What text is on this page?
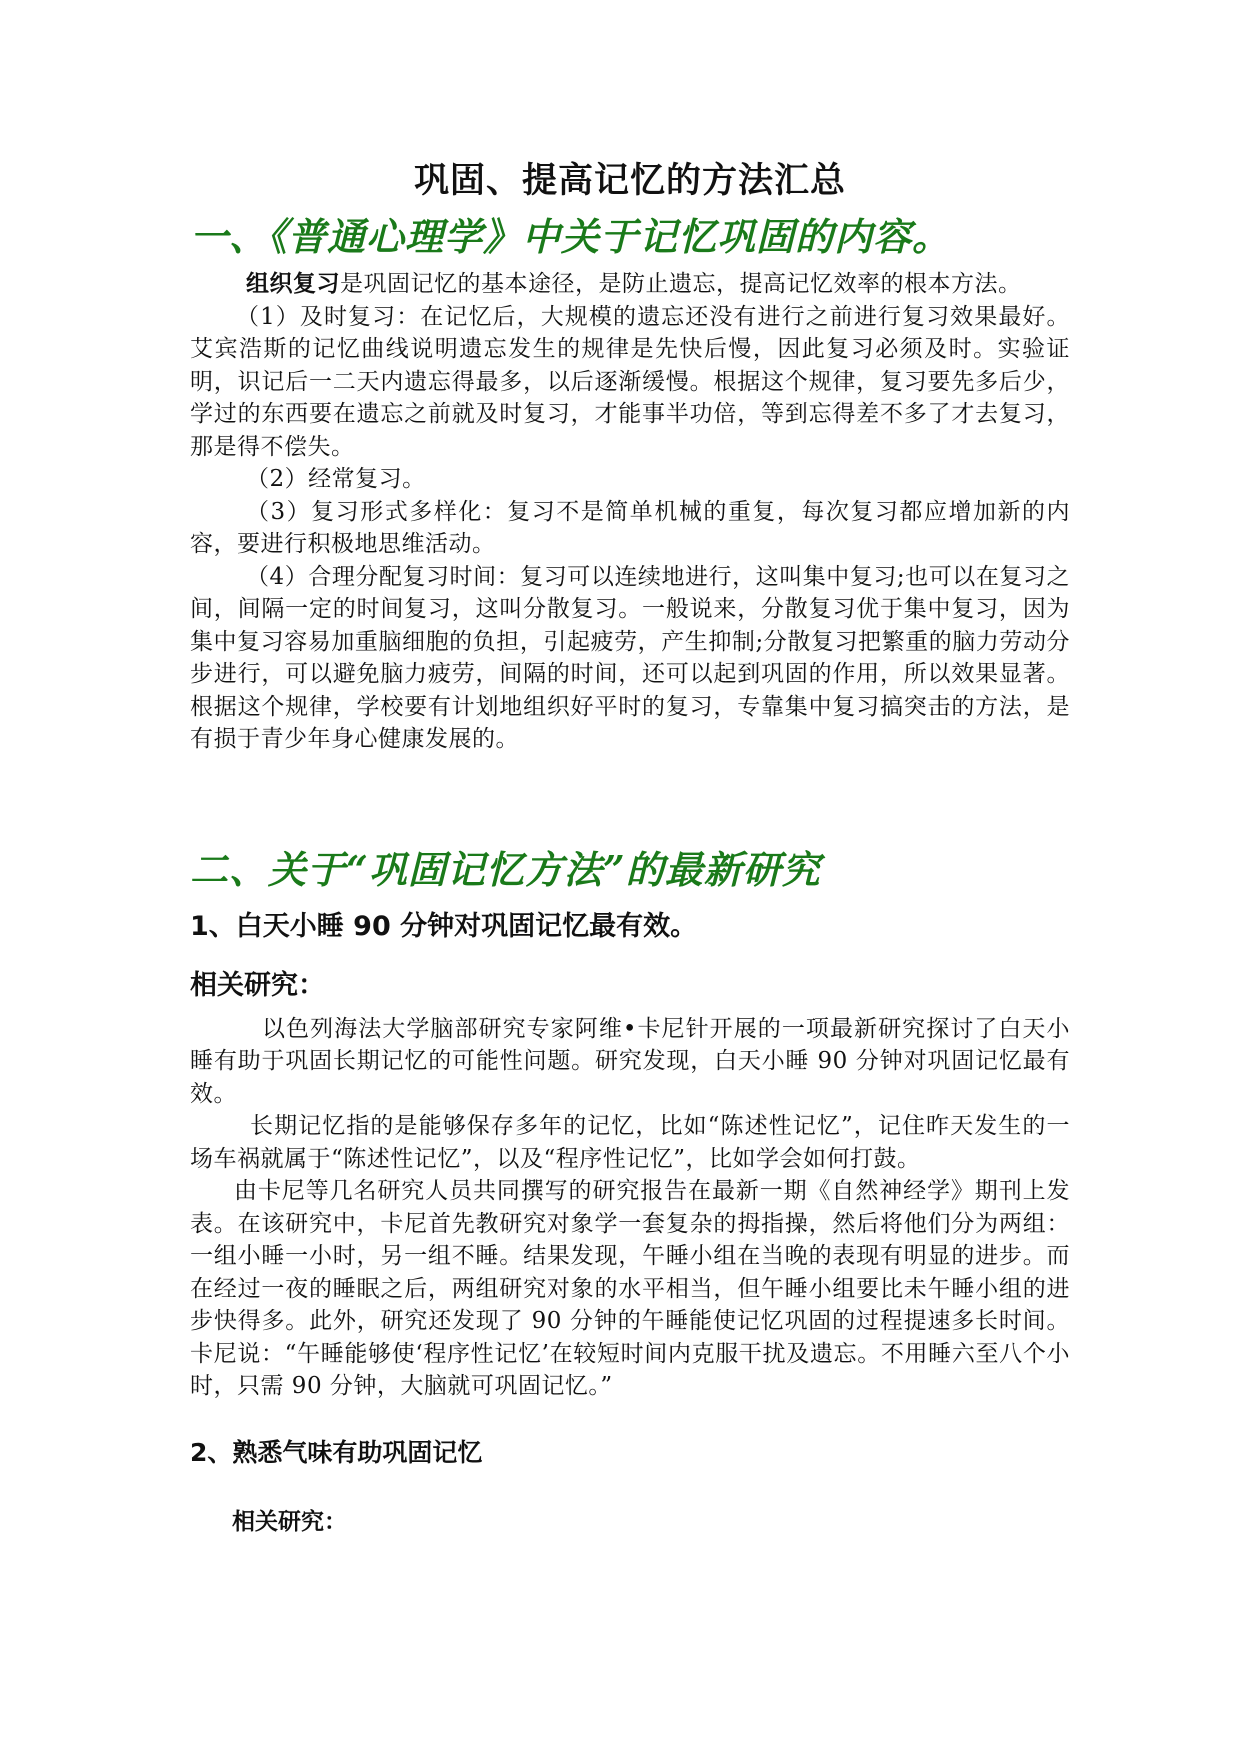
巩固、提高记忆的方法汇总
一、《普通心理学》中关于记忆巩固的内容。

组织复习是巩固记忆的基本途径，是防止遗忘，提高记忆效率的根本方法。

（1）及时复习：在记忆后，大规模的遗忘还没有进行之前进行复习效果最好。艾宾浩斯的记忆曲线说明遗忘发生的规律是先快后慢，因此复习必须及时。实验证明，识记后一二天内遗忘得最多，以后逐渐缓慢。根据这个规律，复习要先多后少，学过的东西要在遗忘之前就及时复习，才能事半功倍，等到忘得差不多了才去复习，那是得不偿失。

（2）经常复习。

（3）复习形式多样化：复习不是简单机械的重复，每次复习都应增加新的内容，要进行积极地思维活动。

（4）合理分配复习时间：复习可以连续地进行，这叫集中复习;也可以在复习之间，间隔一定的时间复习，这叫分散复习。一般说来，分散复习优于集中复习，因为集中复习容易加重脑细胞的负担，引起疲劳，产生抑制;分散复习把繁重的脑力劳动分步进行，可以避免脑力疲劳，间隔的时间，还可以起到巩固的作用，所以效果显著。根据这个规律，学校要有计划地组织好平时的复习，专靠集中复习搞突击的方法，是有损于青少年身心健康发展的。

二、关于“巩固记忆方法”的最新研究
1、白天小睡 90 分钟对巩固记忆最有效。
相关研究：

以色列海法大学脑部研究专家阿维•卡尼针开展的一项最新研究探讨了白天小睡有助于巩固长期记忆的可能性问题。研究发现，白天小睡 90 分钟对巩固记忆最有效。

长期记忆指的是能够保存多年的记忆，比如“陈述性记忆”，记住昨天发生的一场车祸就属于“陈述性记忆”，以及“程序性记忆”，比如学会如何打鼓。

由卡尼等几名研究人员共同撰写的研究报告在最新一期《自然神经学》期刊上发表。在该研究中，卡尼首先教研究对象学一套复杂的拇指操，然后将他们分为两组：一组小睡一小时，另一组不睡。结果发现，午睡小组在当晚的表现有明显的进步。而在经过一夜的睡眠之后，两组研究对象的水平相当，但午睡小组要比未午睡小组的进步快得多。此外，研究还发现了 90 分钟的午睡能使记忆巩固的过程提速多长时间。卡尼说：“午睡能够使‘程序性记忆’在较短时间内克服干扰及遗忘。不用睡六至八个小时，只需 90 分钟，大脑就可巩固记忆。”

2、熟悉气味有助巩固记忆
相关研究：
